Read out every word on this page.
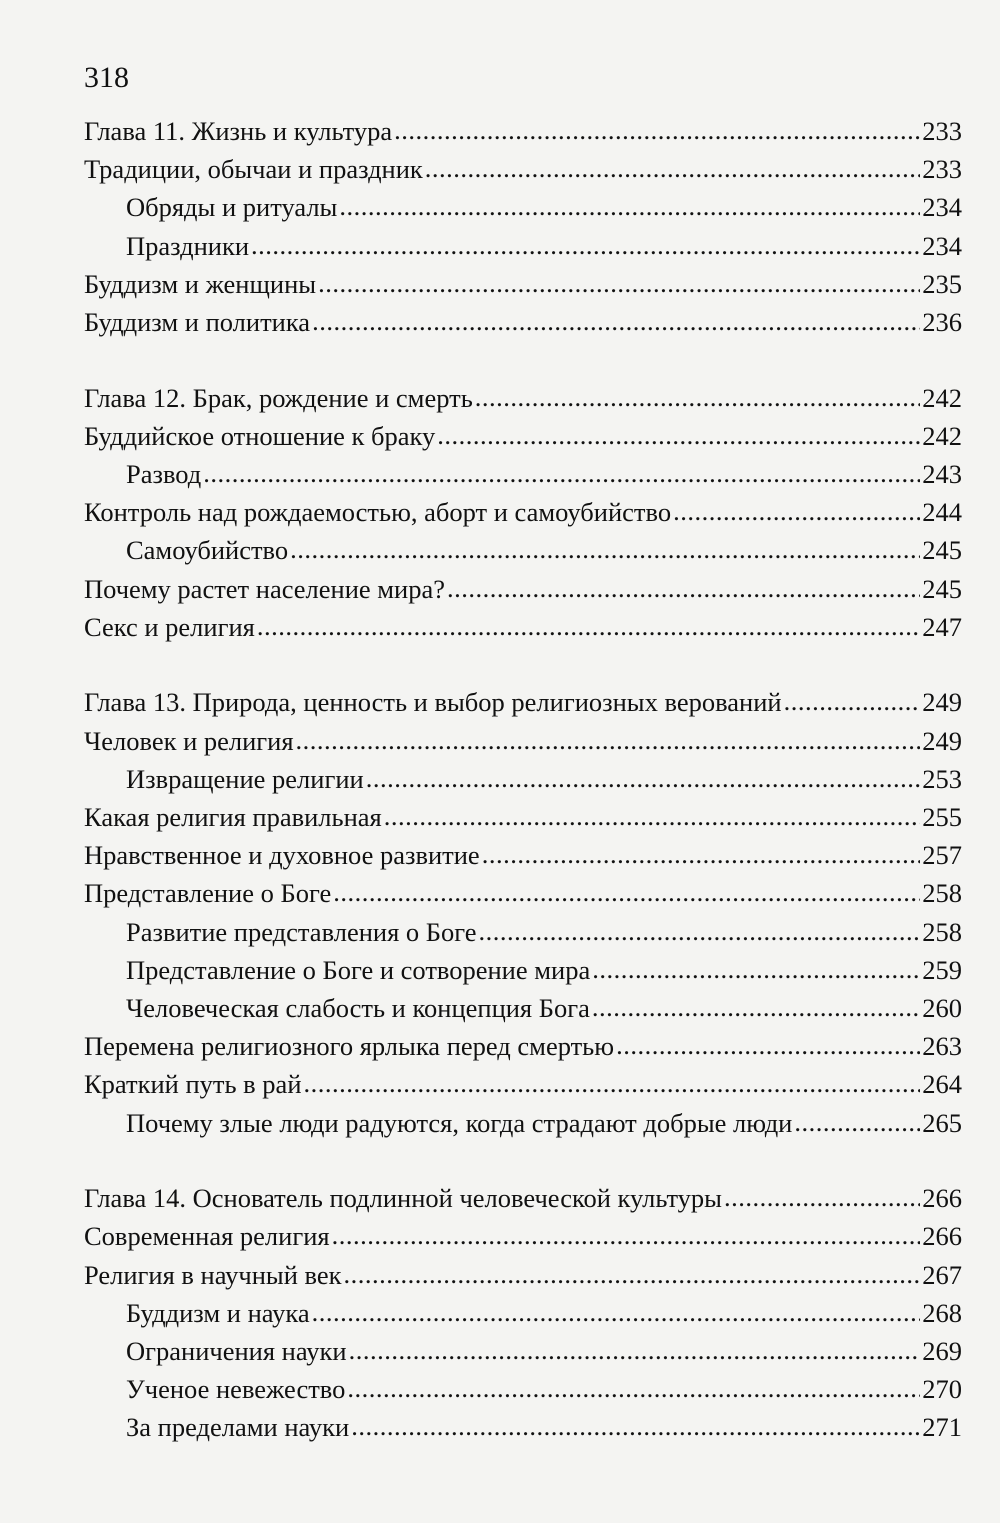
318
Глава 11. Жизнь и культура .....	233
Традиции, обычаи и праздник .....	233
Обряды и ритуалы .....	234
Праздники .....	234
Буддизм и женщины .....	235
Буддизм и политика .....	236
Глава 12. Брак, рождение и смерть .....	242
Буддийское отношение к браку .....	242
Развод .....	243
Контроль над рождаемостью, аборт и самоубийство .....	244
Самоубийство .....	245
Почему растет население мира? .....	245
Секс и религия .....	247
Глава 13. Природа, ценность и выбор религиозных верований .....	249
Человек и религия .....	249
Извращение религии .....	253
Какая религия правильная .....	255
Нравственное и духовное развитие .....	257
Представление о Боге .....	258
Развитие представления о Боге .....	258
Представление о Боге и сотворение мира .....	259
Человеческая слабость и концепция Бога .....	260
Перемена религиозного ярлыка перед смертью .....	263
Краткий путь в рай .....	264
Почему злые люди радуются, когда страдают добрые люди .....	265
Глава 14. Основатель подлинной человеческой культуры .....	266
Современная религия .....	266
Религия в научный век .....	267
Буддизм и наука .....	268
Ограничения науки .....	269
Ученое невежество .....	270
За пределами науки .....	271
